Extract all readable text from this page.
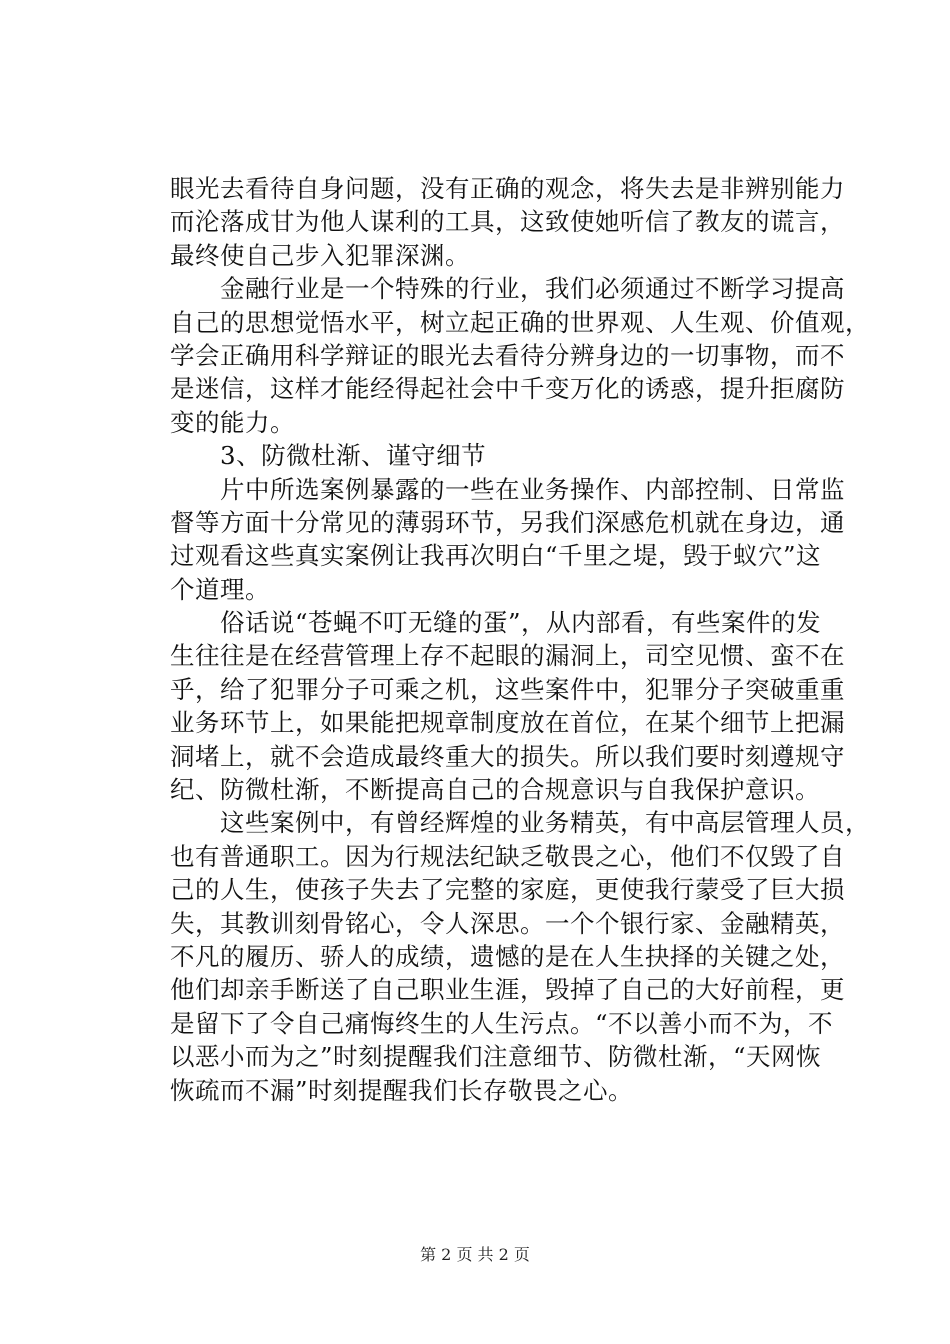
眼光去看待自身问题，没有正确的观念，将失去是非辨别能力
而沦落成甘为他人谋利的工具，这致使她听信了教友的谎言，
最终使自己步入犯罪深渊。
　　金融行业是一个特殊的行业，我们必须通过不断学习提高
自己的思想觉悟水平，树立起正确的世界观、人生观、价值观，
学会正确用科学辩证的眼光去看待分辨身边的一切事物，而不
是迷信，这样才能经得起社会中千变万化的诱惑，提升拒腐防
变的能力。
　　3、防微杜渐、谨守细节
　　片中所选案例暴露的一些在业务操作、内部控制、日常监
督等方面十分常见的薄弱环节，另我们深感危机就在身边，通
过观看这些真实案例让我再次明白“千里之堤，毁于蚁穴”这
个道理。
　　俗话说“苍蝇不叮无缝的蛋”，从内部看，有些案件的发
生往往是在经营管理上存不起眼的漏洞上，司空见惯、蛮不在
乎，给了犯罪分子可乘之机，这些案件中，犯罪分子突破重重
业务环节上，如果能把规章制度放在首位，在某个细节上把漏
洞堵上，就不会造成最终重大的损失。所以我们要时刻遵规守
纪、防微杜渐，不断提高自己的合规意识与自我保护意识。
　　这些案例中，有曾经辉煌的业务精英，有中高层管理人员，
也有普通职工。因为行规法纪缺乏敬畏之心，他们不仅毁了自
己的人生，使孩子失去了完整的家庭，更使我行蒙受了巨大损
失，其教训刻骨铭心，令人深思。一个个银行家、金融精英，
不凡的履历、骄人的成绩，遗憾的是在人生抉择的关键之处，
他们却亲手断送了自己职业生涯，毁掉了自己的大好前程，更
是留下了令自己痛悔终生的人生污点。“不以善小而不为，不
以恶小而为之”时刻提醒我们注意细节、防微杜渐，“天网恢
恢疏而不漏”时刻提醒我们长存敬畏之心。
第 2 页 共 2 页
